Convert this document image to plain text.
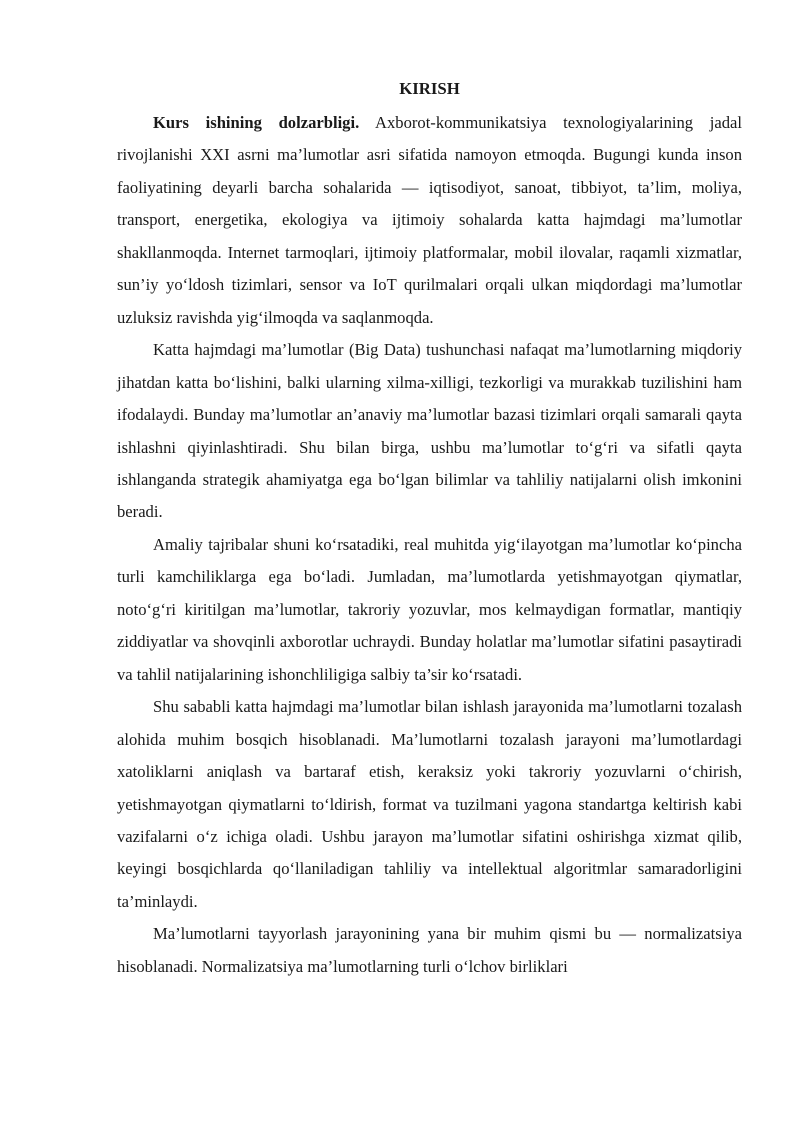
KIRISH

Kurs ishining dolzarbligi. Axborot-kommunikatsiya texnologiyalarining jadal rivojlanishi XXI asrni ma’lumotlar asri sifatida namoyon etmoqda. Bugungi kunda inson faoliyatining deyarli barcha sohalarida — iqtisodiyot, sanoat, tibbiyot, ta’lim, moliya, transport, energetika, ekologiya va ijtimoiy sohalarda katta hajmdagi ma’lumotlar shakllanmoqda. Internet tarmoqlari, ijtimoiy platformalar, mobil ilovalar, raqamli xizmatlar, sun’iy yo‘ldosh tizimlari, sensor va IoT qurilmalari orqali ulkan miqdordagi ma’lumotlar uzluksiz ravishda yig‘ilmoqda va saqlanmoqda.

Katta hajmdagi ma’lumotlar (Big Data) tushunchasi nafaqat ma’lumotlarning miqdoriy jihatdan katta bo‘lishini, balki ularning xilma-xilligi, tezkorligi va murakkab tuzilishini ham ifodalaydi. Bunday ma’lumotlar an’anaviy ma’lumotlar bazasi tizimlari orqali samarali qayta ishlashni qiyinlashtiradi. Shu bilan birga, ushbu ma’lumotlar to‘g‘ri va sifatli qayta ishlanganda strategik ahamiyatga ega bo‘lgan bilimlar va tahliliy natijalarni olish imkonini beradi.

Amaliy tajribalar shuni ko‘rsatadiki, real muhitda yig‘ilayotgan ma’lumotlar ko‘pincha turli kamchiliklarga ega bo‘ladi. Jumladan, ma’lumotlarda yetishmayotgan qiymatlar, noto‘g‘ri kiritilgan ma’lumotlar, takroriy yozuvlar, mos kelmaydigan formatlar, mantiqiy ziddiyatlar va shovqinli axborotlar uchraydi. Bunday holatlar ma’lumotlar sifatini pasaytiradi va tahlil natijalarining ishonchliligiga salbiy ta’sir ko‘rsatadi.

Shu sababli katta hajmdagi ma’lumotlar bilan ishlash jarayonida ma’lumotlarni tozalash alohida muhim bosqich hisoblanadi. Ma’lumotlarni tozalash jarayoni ma’lumotlardagi xatoliklarni aniqlash va bartaraf etish, keraksiz yoki takroriy yozuvlarni o‘chirish, yetishmayotgan qiymatlarni to‘ldirish, format va tuzilmani yagona standartga keltirish kabi vazifalarni o‘z ichiga oladi. Ushbu jarayon ma’lumotlar sifatini oshirishga xizmat qilib, keyingi bosqichlarda qo‘llaniladigan tahliliy va intellektual algoritmlar samaradorligini ta’minlaydi.

Ma’lumotlarni tayyorlash jarayonining yana bir muhim qismi bu — normalizatsiya hisoblanadi. Normalizatsiya ma’lumotlarning turli o‘lchov birliklari
